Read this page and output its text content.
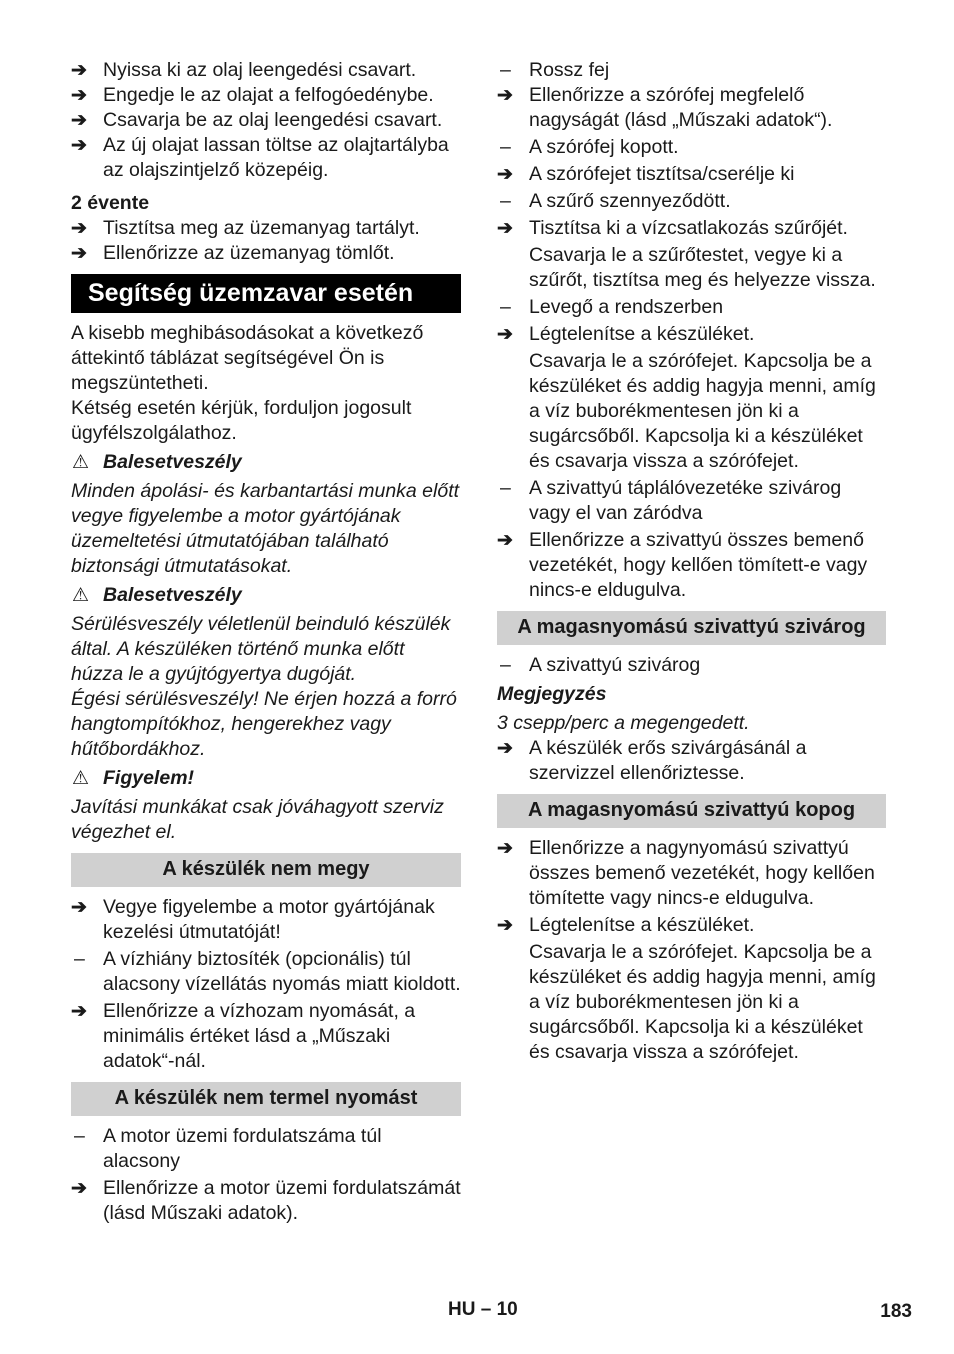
➔ Nyissa ki az olaj leengedési csavart.
➔ Engedje le az olajat a felfogóedénybe.
➔ Csavarja be az olaj leengedési csavart.
➔ Az új olajat lassan töltse az olajtartályba az olajszintjelző közepéig.
2 évente
➔ Tisztítsa meg az üzemanyag tartályt.
➔ Ellenőrizze az üzemanyag tömlőt.
Segítség üzemzavar esetén
A kisebb meghibásodásokat a következő áttekintő táblázat segítségével Ön is megszüntetheti.
Kétség esetén kérjük, forduljon jogosult ügyfélszolgálathoz.
⚠ Balesetveszély
Minden ápolási- és karbantartási munka előtt vegye figyelembe a motor gyártójának üzemeltetési útmutatójában található biztonsági útmutatásokat.
⚠ Balesetveszély
Sérülésveszély véletlenül beinduló készülék által. A készüléken történő munka előtt húzza le a gyújtógyertya dugóját.
Égési sérülésveszély! Ne érjen hozzá a forró hangtompítókhoz, hengerekhez vagy hűtőbordákhoz.
⚠ Figyelem!
Javítási munkákat csak jóváhagyott szerviz végezhet el.
A készülék nem megy
➔ Vegye figyelembe a motor gyártójának kezelési útmutatóját!
– A vízhiány biztosíték (opcionális) túl alacsony vízellátás nyomás miatt kioldott.
➔ Ellenőrizze a vízhozam nyomását, a minimális értéket lásd a „Műszaki adatok“-nál.
A készülék nem termel nyomást
– A motor üzemi fordulatszáma túl alacsony
➔ Ellenőrizze a motor üzemi fordulatszámát (lásd Műszaki adatok).
– Rossz fej
➔ Ellenőrizze a szórófej megfelelő nagyságát (lásd „Műszaki adatok“).
– A szórófej kopott.
➔ A szórófejet tisztítsa/cserélje ki
– A szűrő szennyeződött.
➔ Tisztítsa ki a vízcsatlakozás szűrőjét.
Csavarja le a szűrőtestet, vegye ki a szűrőt, tisztítsa meg és helyezze vissza.
– Levegő a rendszerben
➔ Légtelenítse a készüléket.
Csavarja le a szórófejet. Kapcsolja be a készüléket és addig hagyja menni, amíg a víz buborékmentesen jön ki a sugárcsőből. Kapcsolja ki a készüléket és csavarja vissza a szórófejet.
– A szivattyú táplálóvezetéke szivárog vagy el van záródva
➔ Ellenőrizze a szivattyú összes bemenő vezetékét, hogy kellően tömített-e vagy nincs-e eldugulva.
A magasnyomású szivattyú szivárog
– A szivattyú szivárog
Megjegyzés
3 csepp/perc a megengedett.
➔ A készülék erős szivárgásánál a szervizzel ellenőriztesse.
A magasnyomású szivattyú kopog
➔ Ellenőrizze a nagynyomású szivattyú összes bemenő vezetékét, hogy kellően tömítette vagy nincs-e eldugulva.
➔ Légtelenítse a készüléket.
Csavarja le a szórófejet. Kapcsolja be a készüléket és addig hagyja menni, amíg a víz buborékmentesen jön ki a sugárcsőből. Kapcsolja ki a készüléket és csavarja vissza a szórófejet.
HU – 10	183
